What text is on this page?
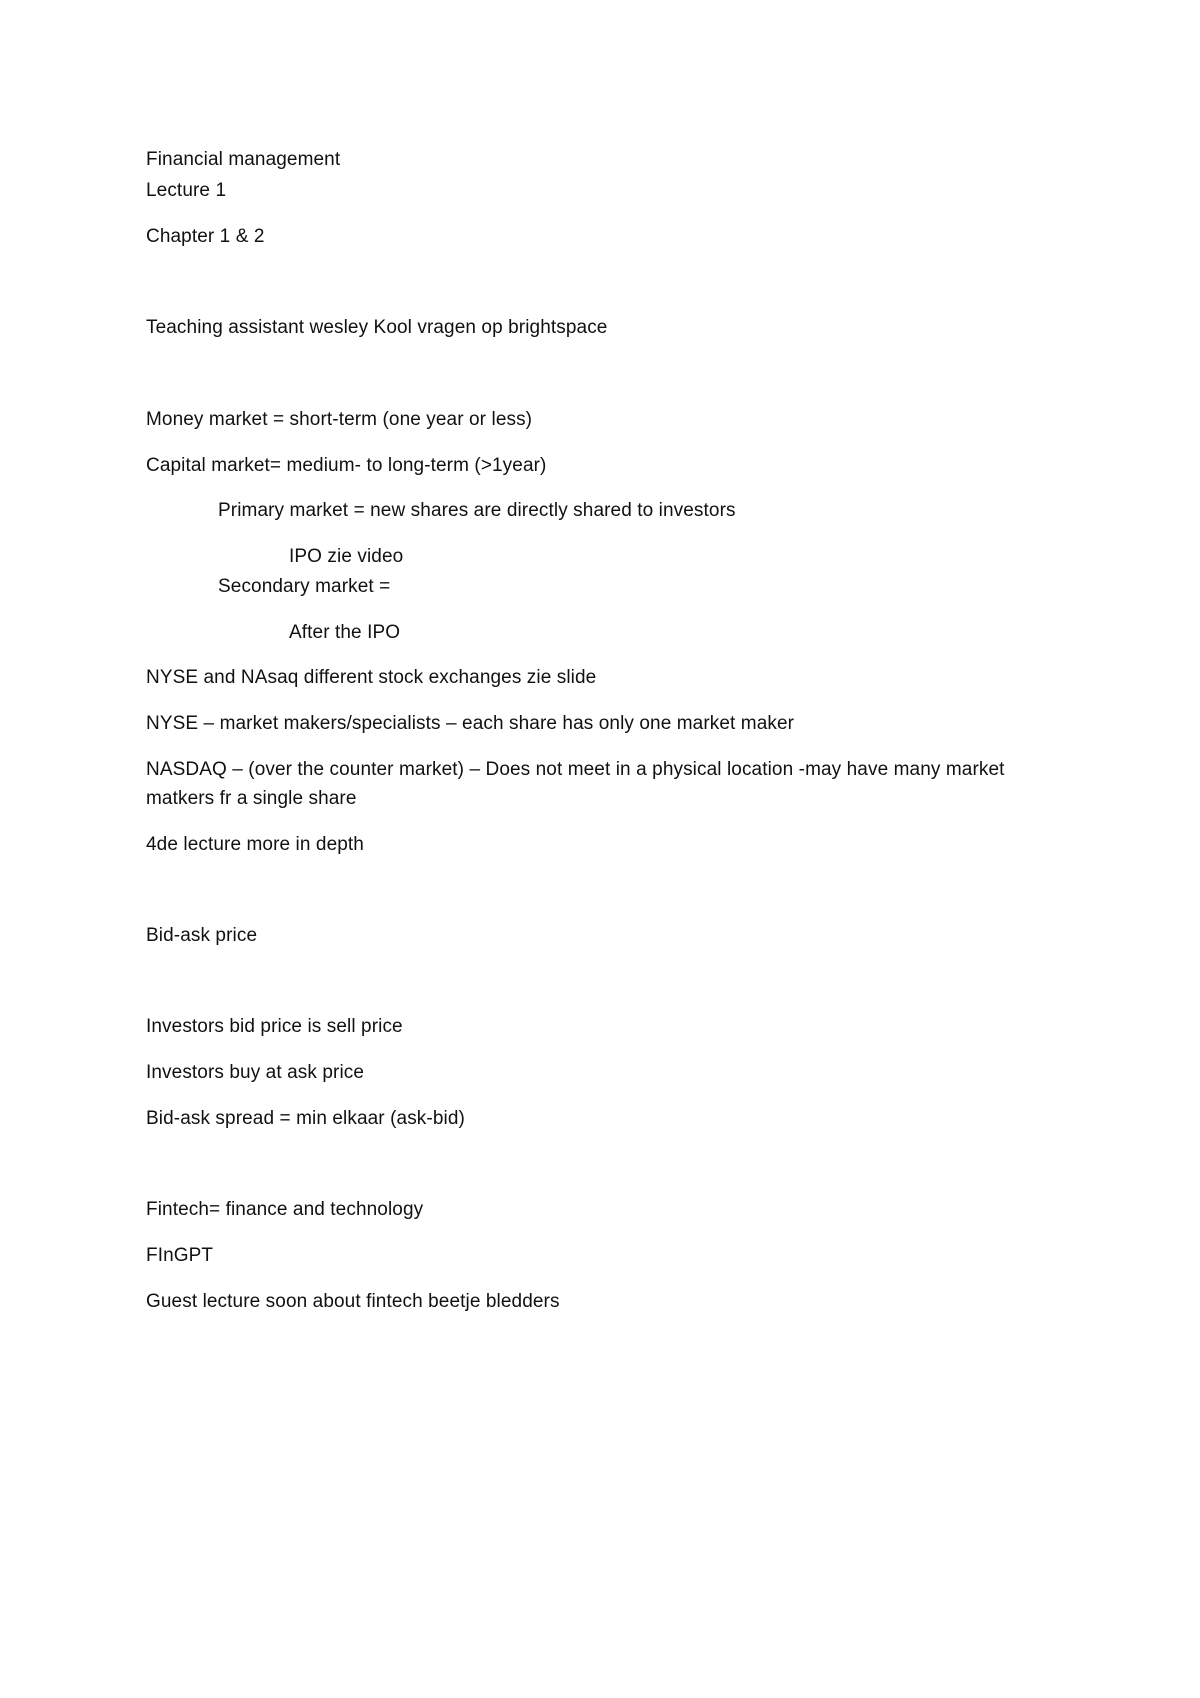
Financial management
Lecture 1
Chapter 1 & 2
Teaching assistant wesley Kool vragen op brightspace
Money market = short-term (one year or less)
Capital market= medium- to long-term (>1year)
Primary market = new shares are directly shared to investors
IPO zie video
Secondary market =
After the IPO
NYSE and NAsaq different stock exchanges zie slide
NYSE – market makers/specialists – each share has only one market maker
NASDAQ – (over the counter market) – Does not meet in a physical location -may have many market matkers fr a single share
4de lecture more in depth
Bid-ask price
Investors bid price is sell price
Investors buy at ask price
Bid-ask spread = min elkaar (ask-bid)
Fintech= finance and technology
FInGPT
Guest lecture soon about fintech beetje bledders
